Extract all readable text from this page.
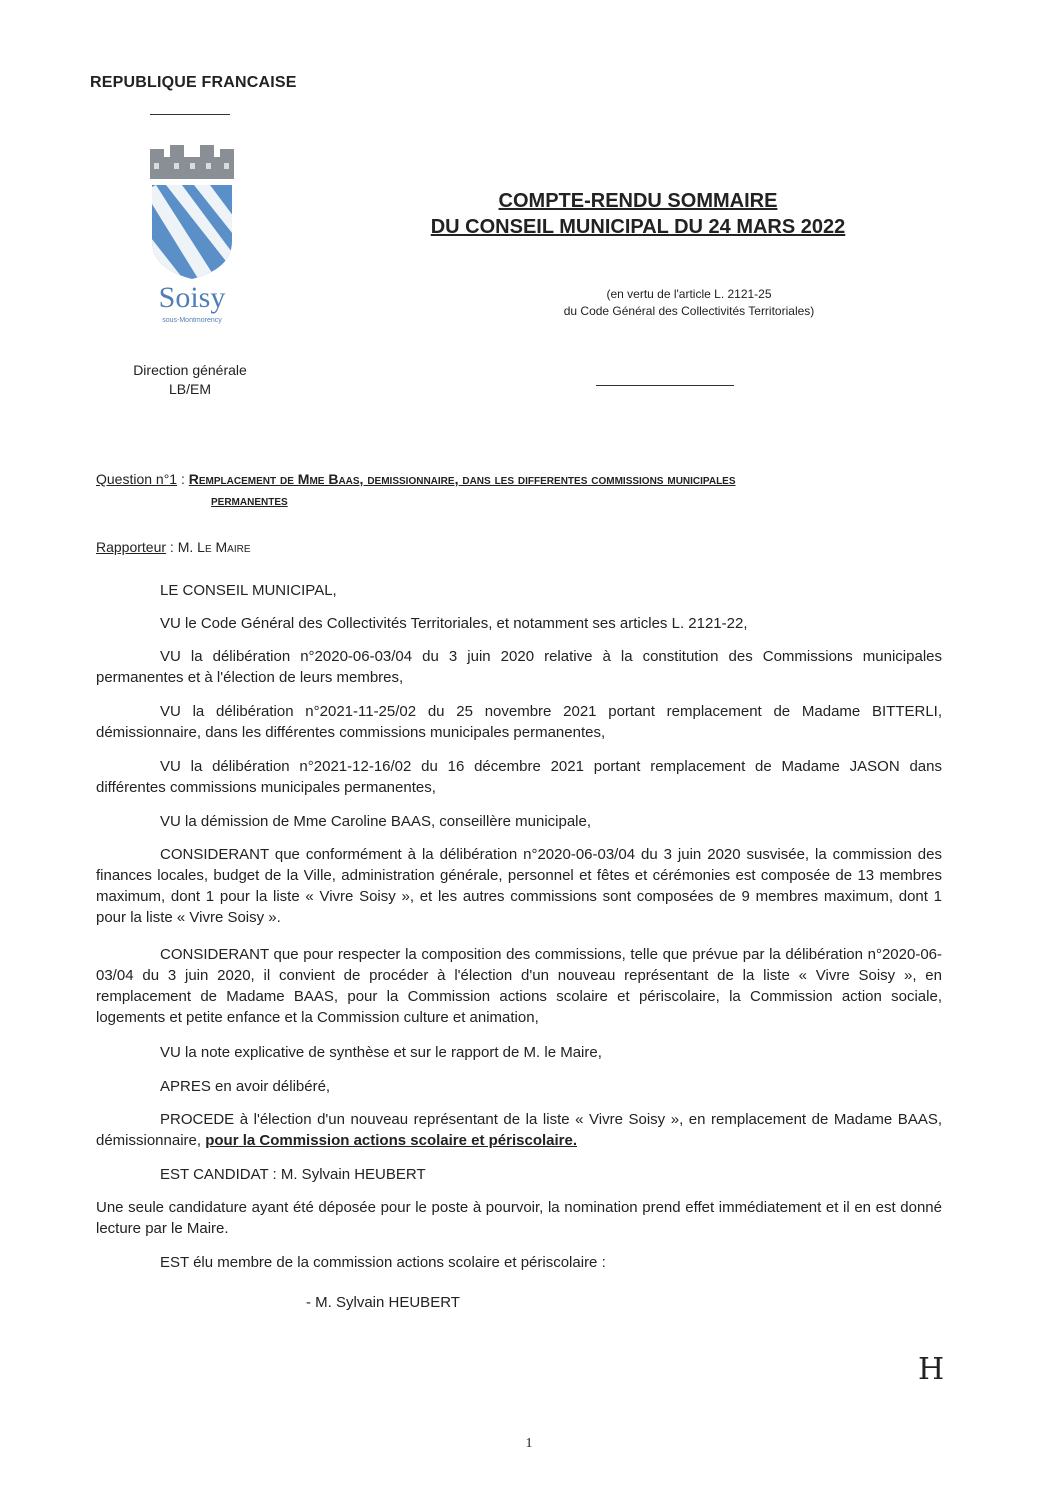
REPUBLIQUE FRANCAISE
Soisy
sous-Montmorency
Direction générale
LB/EM
COMPTE-RENDU SOMMAIRE
DU CONSEIL MUNICIPAL DU 24 MARS 2022
(en vertu de l'article L. 2121-25
du Code Général des Collectivités Territoriales)
Question n°1 : Remplacement de Mme Baas, demissionnaire, dans les differentes commissions municipales
permanentes
Rapporteur : M. Le Maire
LE CONSEIL MUNICIPAL,
VU le Code Général des Collectivités Territoriales, et notamment ses articles L. 2121-22,
VU la délibération n°2020-06-03/04 du 3 juin 2020 relative à la constitution des Commissions municipales permanentes et à l'élection de leurs membres,
VU la délibération n°2021-11-25/02 du 25 novembre 2021 portant remplacement de Madame BITTERLI, démissionnaire, dans les différentes commissions municipales permanentes,
VU la délibération n°2021-12-16/02 du 16 décembre 2021 portant remplacement de Madame JASON dans différentes commissions municipales permanentes,
VU la démission de Mme Caroline BAAS, conseillère municipale,
CONSIDERANT que conformément à la délibération n°2020-06-03/04 du 3 juin 2020 susvisée, la commission des finances locales, budget de la Ville, administration générale, personnel et fêtes et cérémonies est composée de 13 membres maximum, dont 1 pour la liste « Vivre Soisy », et les autres commissions sont composées de 9 membres maximum, dont 1 pour la liste « Vivre Soisy ».
CONSIDERANT que pour respecter la composition des commissions, telle que prévue par la délibération n°2020-06-03/04 du 3 juin 2020, il convient de procéder à l'élection d'un nouveau représentant de la liste « Vivre Soisy », en remplacement de Madame BAAS, pour la Commission actions scolaire et périscolaire, la Commission action sociale, logements et petite enfance et la Commission culture et animation,
VU la note explicative de synthèse et sur le rapport de M. le Maire,
APRES en avoir délibéré,
PROCEDE à l'élection d'un nouveau représentant de la liste « Vivre Soisy », en remplacement de Madame BAAS, démissionnaire, pour la Commission actions scolaire et périscolaire.
EST CANDIDAT : M. Sylvain HEUBERT
Une seule candidature ayant été déposée pour le poste à pourvoir, la nomination prend effet immédiatement et il en est donné lecture par le Maire.
EST élu membre de la commission actions scolaire et périscolaire :
- M. Sylvain HEUBERT
H
1
